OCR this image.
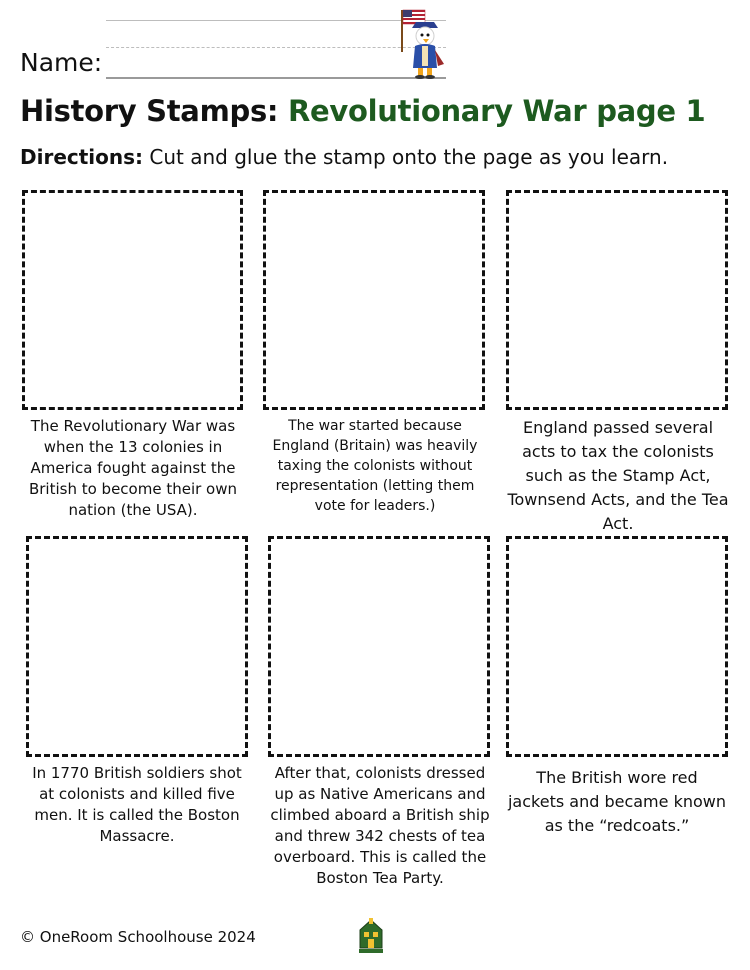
Name:
History Stamps: Revolutionary War page 1
Directions: Cut and glue the stamp onto the page as you learn.
The Revolutionary War was when the 13 colonies in America fought against the British to become their own nation (the USA).
The war started because England (Britain) was heavily taxing the colonists without representation (letting them vote for leaders.)
England passed several acts to tax the colonists such as the Stamp Act, Townsend Acts, and the Tea Act.
In 1770 British soldiers shot at colonists and killed five men. It is called the Boston Massacre.
After that, colonists dressed up as Native Americans and climbed aboard a British ship and threw 342 chests of tea overboard. This is called the Boston Tea Party.
The British wore red jackets and became known as the “redcoats.”
© OneRoom Schoolhouse 2024
